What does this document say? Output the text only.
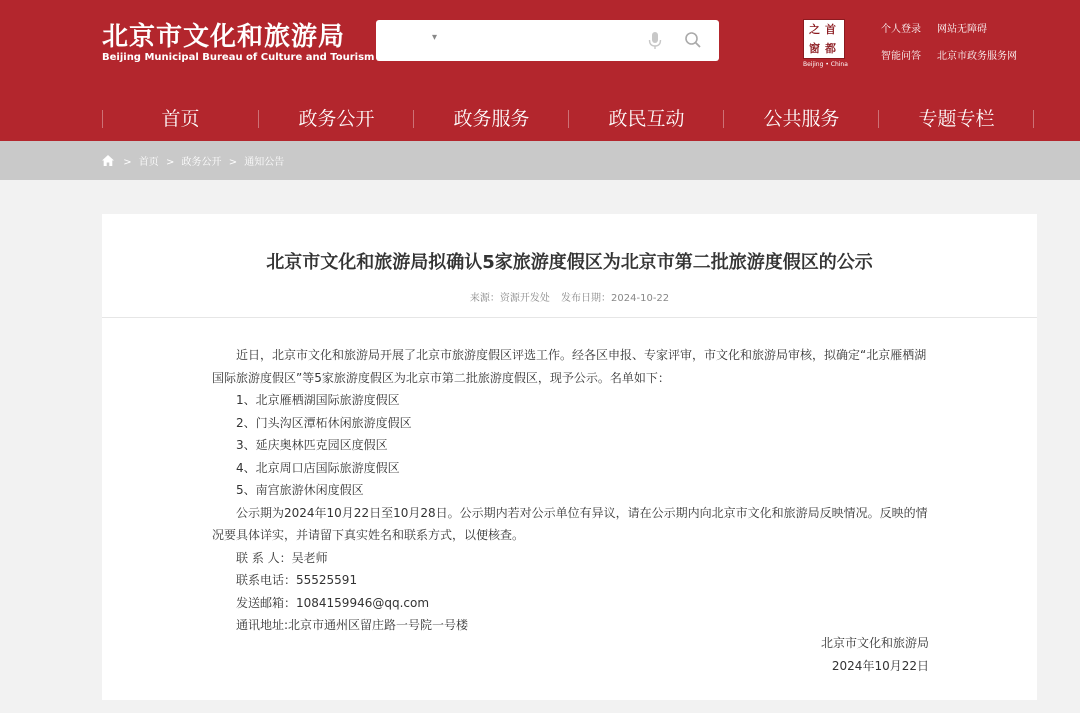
北京市文化和旅游局
Beijing Municipal Bureau of Culture and Tourism
▾
首
都
之
窗
Beijing • China
个人登录 网站无障碍
智能问答 北京市政务服务网
首页	政务公开	政务服务	政民互动	公共服务	专题专栏
> 首页 > 政务公开 > 通知公告
北京市文化和旅游局拟确认5家旅游度假区为北京市第二批旅游度假区的公示
来源：资源开发处 发布日期：2024-10-22

近日，北京市文化和旅游局开展了北京市旅游度假区评选工作。经各区申报、专家评审，市文化和旅游局审核，拟确定“北京雁栖湖国际旅游度假区”等5家旅游度假区为北京市第二批旅游度假区，现予公示。名单如下：

1、北京雁栖湖国际旅游度假区
2、门头沟区潭柘休闲旅游度假区
3、延庆奥林匹克园区度假区
4、北京周口店国际旅游度假区
5、南宫旅游休闲度假区

公示期为2024年10月22日至10月28日。公示期内若对公示单位有异议，请在公示期内向北京市文化和旅游局反映情况。反映的情况要具体详实，并请留下真实姓名和联系方式，以便核查。

联 系 人：吴老师
联系电话：55525591
发送邮箱：1084159946@qq.com
通讯地址:北京市通州区留庄路一号院一号楼
北京市文化和旅游局
2024年10月22日
